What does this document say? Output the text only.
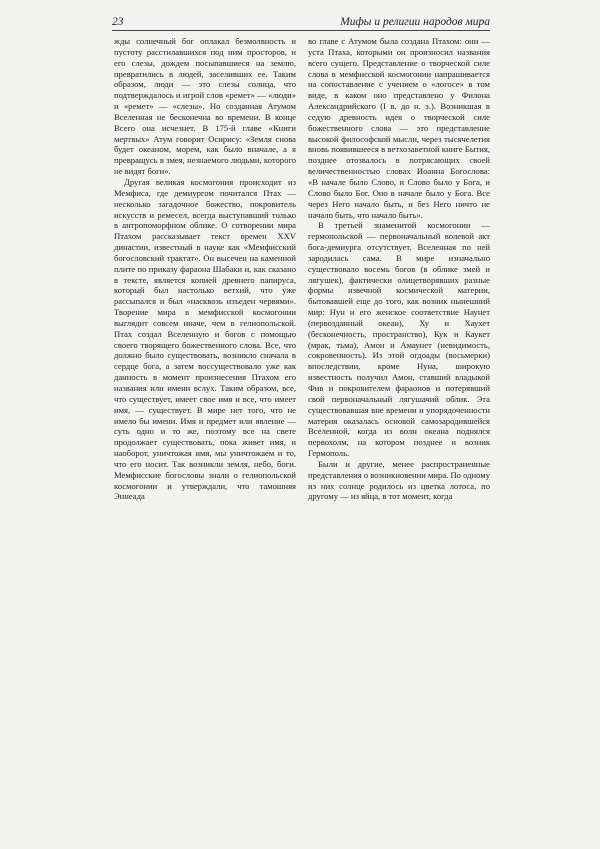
23	Мифы и религии народов мира

жды солнечный бог оплакал безмолвность и пустоту расстилавшихся под ним просторов, и его слезы, дождем посыпавшиеся на землю, превратились в людей, заселивших ее. Таким образом, люди — это слезы солнца, что подтверждалось и игрой слов «ремет» — «люди» и «ремет» — «слезы». Но созданная Атумом Вселенная не бесконечна во времени. В конце Всего она исчезнет. В 175-й главе «Книги мертвых» Атум говорит Осирису: «Земля снова будет океаном, морем, как было вначале, а я превращусь в змея, незнаемого людьми, которого не видят боги».

Другая великая космогония происходит из Мемфиса, где демиургом почитался Птах — несколько загадочное божество, покровитель искусств и ремесел, всегда выступавший только в антропоморфном облике. О сотворении мира Птахом рассказывает текст времен XXV династии, известный в науке как «Мемфисский богословский трактат». Он высечен на каменной плите по приказу фараона Шабаки и, как сказано в тексте, является копией древнего папируса, который был настолько ветхий, что уже рассыпался и был «насквозь изъеден червями». Творение мира в мемфисской космогонии выглядит совсем иначе, чем в гелиопольской. Птах создал Вселенную и богов с помощью своего творящего божественного слова. Все, что должно было существовать, возникло сначала в сердце бога, а затем воссуществовало уже как данность в момент произнесения Птахом его названия или имени вслух. Таким образом, все, что существует, имеет свое имя и все, что имеет имя, — существует. В мире нет того, что не имело бы имени. Имя и предмет или явление — суть одно и то же, поэтому все на свете продолжает существовать, пока живет имя, и наоборот, уничтожая имя, мы уничтожаем и то, что его носит. Так возникли земля, небо, боги. Мемфисские богословы знали о гелиопольской космогонии и утверждали, что тамошняя Эннеада

во главе с Атумом была создана Птахом: они — уста Птаха, которыми он произносил названия всего сущего. Представление о творческой силе слова в мемфисской космогонии напрашивается на сопоставление с учением о «логосе» в том виде, в каком оно представлено у Филона Александрийского (I в. до н. э.). Возникшая в седую древность идея о творческой силе божественного слова — это представление высокой философской мысли, через тысячелетия вновь появившееся в ветхозаветной книге Бытия, позднее отозвалось в потрясающих своей величественностью словах Иоанна Богослова: «В начале было Слово, и Слово было у Бога, и Слово было Бог. Оно в начале было у Бога. Все через Него начало быть, и без Него ничто не начало быть, что начало быть».

В третьей знаменитой космогонии — гермопольской — первоначальный волевой акт бога-демиурга отсутствует. Вселенная по ней зародилась сама. В мире изначально существовало восемь богов (в облике змей и лягушек), фактически олицетворявших разные формы извечной космической материи, бытовавшей еще до того, как возник нынешний мир: Нун и его женское соответствие Наунет (первозданный океан), Ху и Хаухет (бесконечность, пространство), Кук и Каукет (мрак, тьма), Амон и Амаунет (невидимость, сокровенность). Из этой огдоады (восьмерки) впоследствии, кроме Нуна, широкую известность получил Амон, ставший владыкой Фив и покровителем фараонов и потерявший свой первоначальный лягушачий облик. Эта существовавшая вне времени и упорядоченности материя оказалась основой самозародившейся Вселенной, когда из волн океана поднялся первохолм, на котором позднее и возник Гермополь.

Были и другие, менее распространенные представления о возникновении мира. По одному из них солнце родилось из цветка лотоса, по другому — из яйца, в тот момент, когда
